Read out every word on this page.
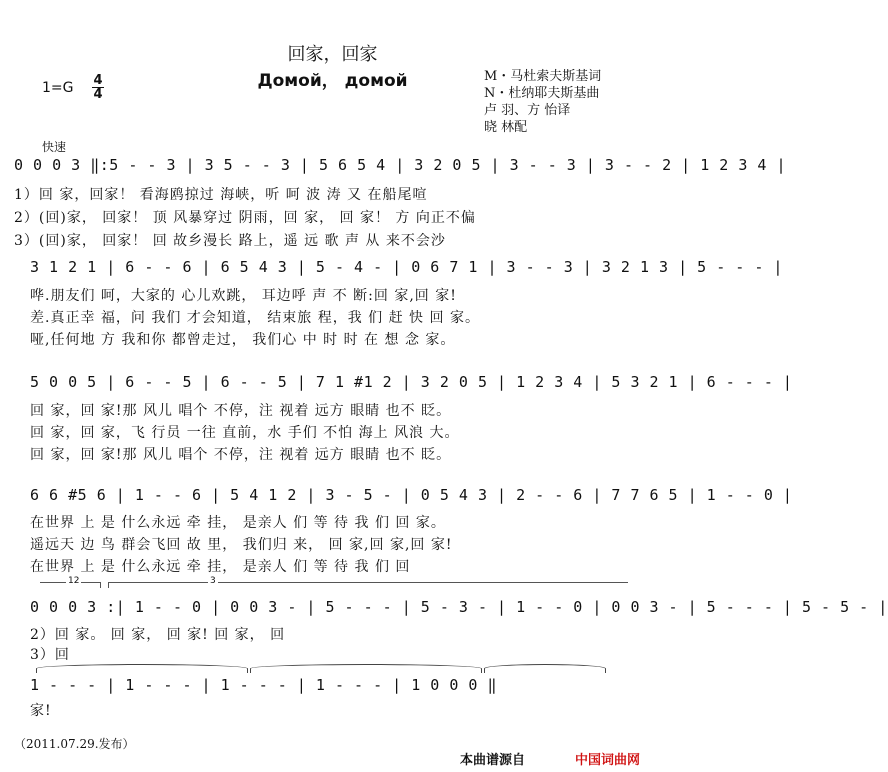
回家，回家
Домой， домой
1=G 4
4
M・马杜索夫斯基词
N・杜纳耶夫斯基曲
卢 羽、方 怡译
晓 林配
快速
0 0 0 3 ‖:5 - - 3 | 3 5 - - 3 | 5 6 5 4 | 3 2 0 5 | 3 - - 3 | 3 - - 2 | 1 2 3 4 |
1）回 家，回家！ 看海鸥掠过 海峡，听 呵 波 涛 又 在船尾喧
2）(回)家， 回家！ 顶 风暴穿过 阴雨，回 家， 回 家！ 方 向正不偏
3）(回)家， 回家！ 回 故乡漫长 路上，遥 远 歌 声 从 来不会沙
3 1 2 1 | 6 - - 6 | 6 5 4 3 | 5 - 4 - | 0 6 7 1 | 3 - - 3 | 3 2 1 3 | 5 - - - |
哗.朋友们 呵，大家的 心儿欢跳， 耳边呼 声 不 断:回 家,回 家!
差.真正幸 福，问 我们 才会知道， 结束旅 程，我 们 赶 快 回 家。
哑,任何地 方 我和你 都曾走过， 我们心 中 时 时 在 想 念 家。
5 0 0 5 | 6 - - 5 | 6 - - 5 | 7 1 #1 2 | 3 2 0 5 | 1 2 3 4 | 5 3 2 1 | 6 - - - |
回 家，回 家!那 风儿 唱个 不停，注 视着 远方 眼睛 也不 眨。
回 家，回 家，飞 行员 一往 直前，水 手们 不怕 海上 风浪 大。
回 家，回 家!那 风儿 唱个 不停，注 视着 远方 眼睛 也不 眨。
6 6 #5 6 | 1 - - 6 | 5 4 1 2 | 3 - 5 - | 0 5 4 3 | 2 - - 6 | 7 7 6 5 | 1 - - 0 |
在世界 上 是 什么永远 牵 挂， 是亲人 们 等 待 我 们 回 家。
遥远天 边 鸟 群会飞回 故 里， 我们归 来， 回 家,回 家,回 家!
在世界 上 是 什么永远 牵 挂， 是亲人 们 等 待 我 们 回
12	3
0 0 0 3 :| 1 - - 0 | 0 0 3 - | 5 - - - | 5 - 3 - | 1 - - 0 | 0 0 3 - | 5 - - - | 5 - 5 - |
2）回 家。 回 家， 回 家! 回 家， 回
3）回
1 - - - | 1 - - - | 1 - - - | 1 - - - | 1 0 0 0 ‖
家!
（2011.07.29.发布）
本曲谱源自	中国词曲网
